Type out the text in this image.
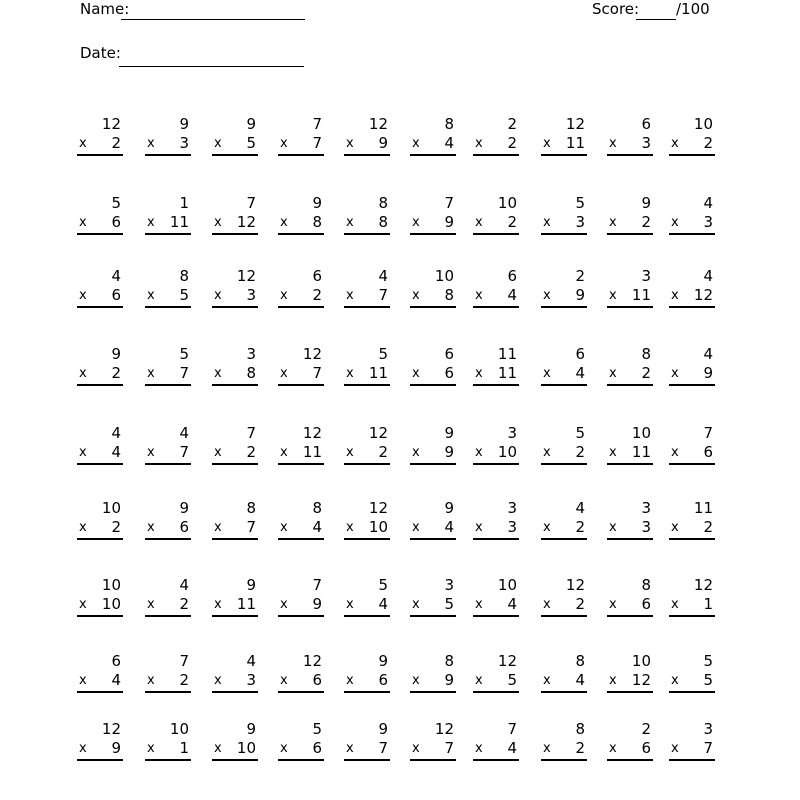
Name:	Score: /100
Date:
12
x 2
9
x 3
9
x 5
7
x 7
12
x 9
8
x 4
2
x 2
12
x 11
6
x 3
10
x 2
5
x 6
1
x 11
7
x 12
9
x 8
8
x 8
7
x 9
10
x 2
5
x 3
9
x 2
4
x 3
4
x 6
8
x 5
12
x 3
6
x 2
4
x 7
10
x 8
6
x 4
2
x 9
3
x 11
4
x 12
9
x 2
5
x 7
3
x 8
12
x 7
5
x 11
6
x 6
11
x 11
6
x 4
8
x 2
4
x 9
4
x 4
4
x 7
7
x 2
12
x 11
12
x 2
9
x 9
3
x 10
5
x 2
10
x 11
7
x 6
10
x 2
9
x 6
8
x 7
8
x 4
12
x 10
9
x 4
3
x 3
4
x 2
3
x 3
11
x 2
10
x 10
4
x 2
9
x 11
7
x 9
5
x 4
3
x 5
10
x 4
12
x 2
8
x 6
12
x 1
6
x 4
7
x 2
4
x 3
12
x 6
9
x 6
8
x 9
12
x 5
8
x 4
10
x 12
5
x 5
12
x 9
10
x 1
9
x 10
5
x 6
9
x 7
12
x 7
7
x 4
8
x 2
2
x 6
3
x 7
